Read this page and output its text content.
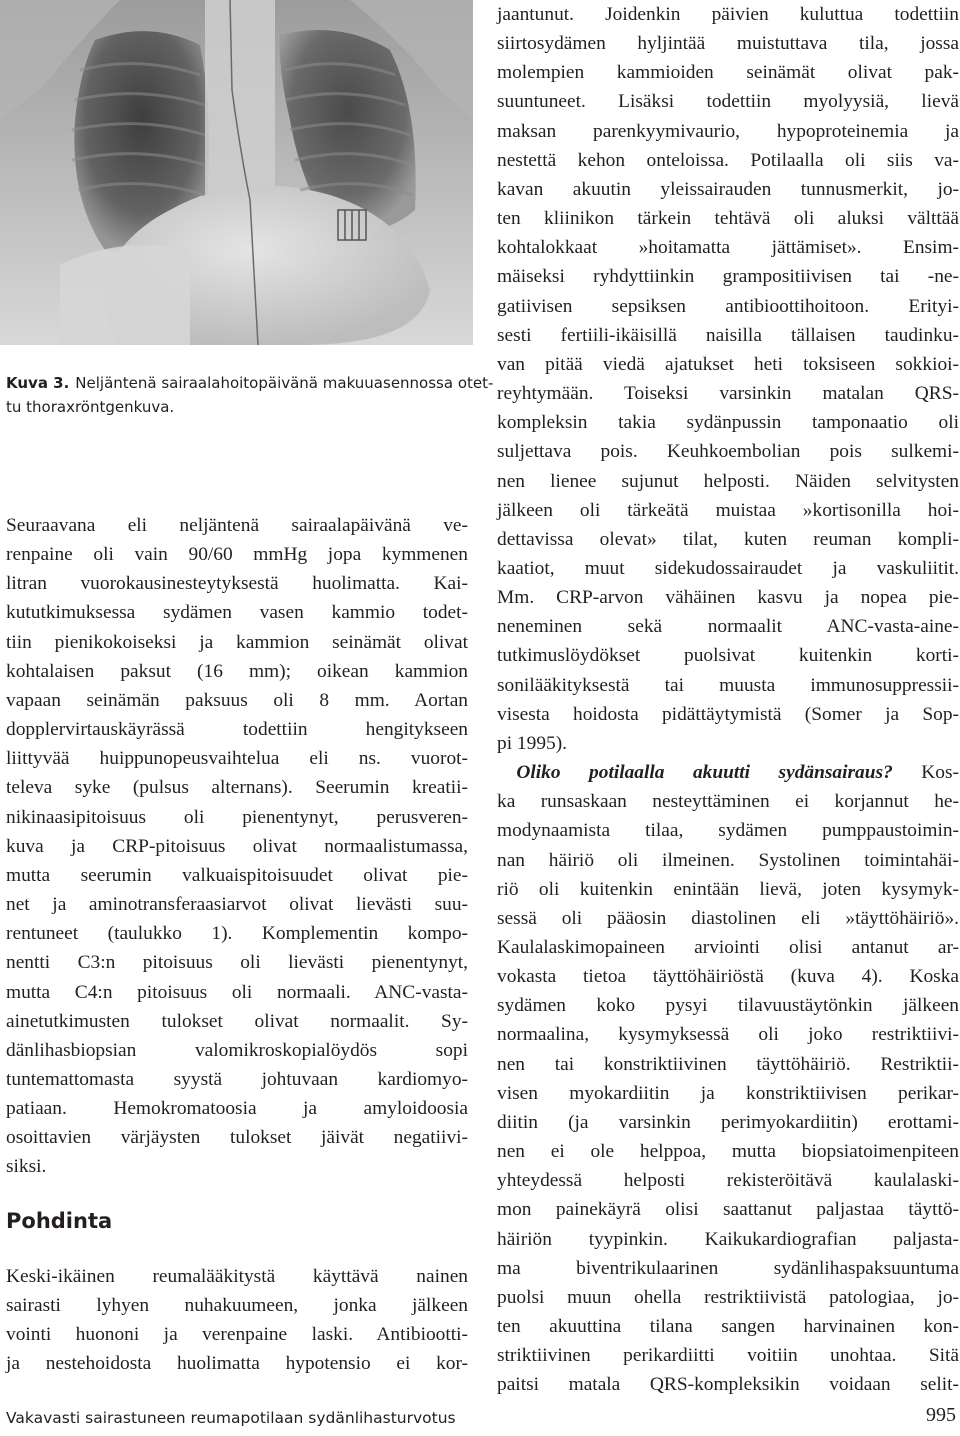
Kuva 3. Neljäntenä sairaalahoitopäivänä makuuasennossa otet-
tu thoraxröntgenkuva.
Seuraavana eli neljäntenä sairaalapäivänä ve-
renpaine oli vain 90/60 mmHg jopa kymmenen
litran vuorokausinesteytyksestä huolimatta. Kai-
kututkimuksessa sydämen vasen kammio todet-
tiin pienikokoiseksi ja kammion seinämät olivat
kohtalaisen paksut (16 mm); oikean kammion
vapaan seinämän paksuus oli 8 mm. Aortan
dopplervirtauskäyrässä todettiin hengitykseen
liittyvää huippunopeusvaihtelua eli ns. vuorot-
televa syke (pulsus alternans). Seerumin kreatii-
nikinaasipitoisuus oli pienentynyt, perusveren-
kuva ja CRP-pitoisuus olivat normaalistumassa,
mutta seerumin valkuaispitoisuudet olivat pie-
net ja aminotransferaasiarvot olivat lievästi suu-
rentuneet (taulukko 1). Komplementin kompo-
nentti C3:n pitoisuus oli lievästi pienentynyt,
mutta C4:n pitoisuus oli normaali. ANC-vasta-
ainetutkimusten tulokset olivat normaalit. Sy-
dänlihasbiopsian valomikroskopialöydös sopi
tuntemattomasta syystä johtuvaan kardiomyo-
patiaan. Hemokromatoosia ja amyloidoosia
osoittavien värjäysten tulokset jäivät negatiivi-
siksi.
Pohdinta
Keski-ikäinen reumalääkitystä käyttävä nainen
sairasti lyhyen nuhakuumeen, jonka jälkeen
vointi huononi ja verenpaine laski. Antibiootti-
ja nestehoidosta huolimatta hypotensio ei kor-
jaantunut. Joidenkin päivien kuluttua todettiin
siirtosydämen hyljintää muistuttava tila, jossa
molempien kammioiden seinämät olivat pak-
suuntuneet. Lisäksi todettiin myolyysiä, lievä
maksan parenkyymivaurio, hypoproteinemia ja
nestettä kehon onteloissa. Potilaalla oli siis va-
kavan akuutin yleissairauden tunnusmerkit, jo-
ten kliinikon tärkein tehtävä oli aluksi välttää
kohtalokkaat »hoitamatta jättämiset». Ensim-
mäiseksi ryhdyttiinkin grampositiivisen tai -ne-
gatiivisen sepsiksen antibioottihoitoon. Erityi-
sesti fertiili-ikäisillä naisilla tällaisen taudinku-
van pitää viedä ajatukset heti toksiseen sokkioi-
reyhtymään. Toiseksi varsinkin matalan QRS-
kompleksin takia sydänpussin tamponaatio oli
suljettava pois. Keuhkoembolian pois sulkemi-
nen lienee sujunut helposti. Näiden selvitysten
jälkeen oli tärkeätä muistaa »kortisonilla hoi-
dettavissa olevat» tilat, kuten reuman kompli-
kaatiot, muut sidekudossairaudet ja vaskuliitit.
Mm. CRP-arvon vähäinen kasvu ja nopea pie-
neneminen sekä normaalit ANC-vasta-aine-
tutkimuslöydökset puolsivat kuitenkin korti-
sonilääkityksestä tai muusta immunosuppressii-
visesta hoidosta pidättäytymistä (Somer ja Sop-
pi 1995).
 Oliko potilaalla akuutti sydänsairaus? Kos-
ka runsaskaan nesteyttäminen ei korjannut he-
modynaamista tilaa, sydämen pumppaustoimin-
nan häiriö oli ilmeinen. Systolinen toimintahäi-
riö oli kuitenkin enintään lievä, joten kysymyk-
sessä oli pääosin diastolinen eli »täyttöhäiriö».
Kaulalaskimopaineen arviointi olisi antanut ar-
vokasta tietoa täyttöhäiriöstä (kuva 4). Koska
sydämen koko pysyi tilavuustäytönkin jälkeen
normaalina, kysymyksessä oli joko restriktiivi-
nen tai konstriktiivinen täyttöhäiriö. Restriktii-
visen myokardiitin ja konstriktiivisen perikar-
diitin (ja varsinkin perimyokardiitin) erottami-
nen ei ole helppoa, mutta biopsiatoimenpiteen
yhteydessä helposti rekisteröitävä kaulalaski-
mon painekäyrä olisi saattanut paljastaa täyttö-
häiriön tyypinkin. Kaikukardiografian paljasta-
ma biventrikulaarinen sydänlihaspaksuuntuma
puolsi muun ohella restriktiivistä patologiaa, jo-
ten akuuttina tilana sangen harvinainen kon-
striktiivinen perikardiitti voitiin unohtaa. Sitä
paitsi matala QRS-kompleksikin voidaan selit-
Vakavasti sairastuneen reumapotilaan sydänlihasturvotus	995
